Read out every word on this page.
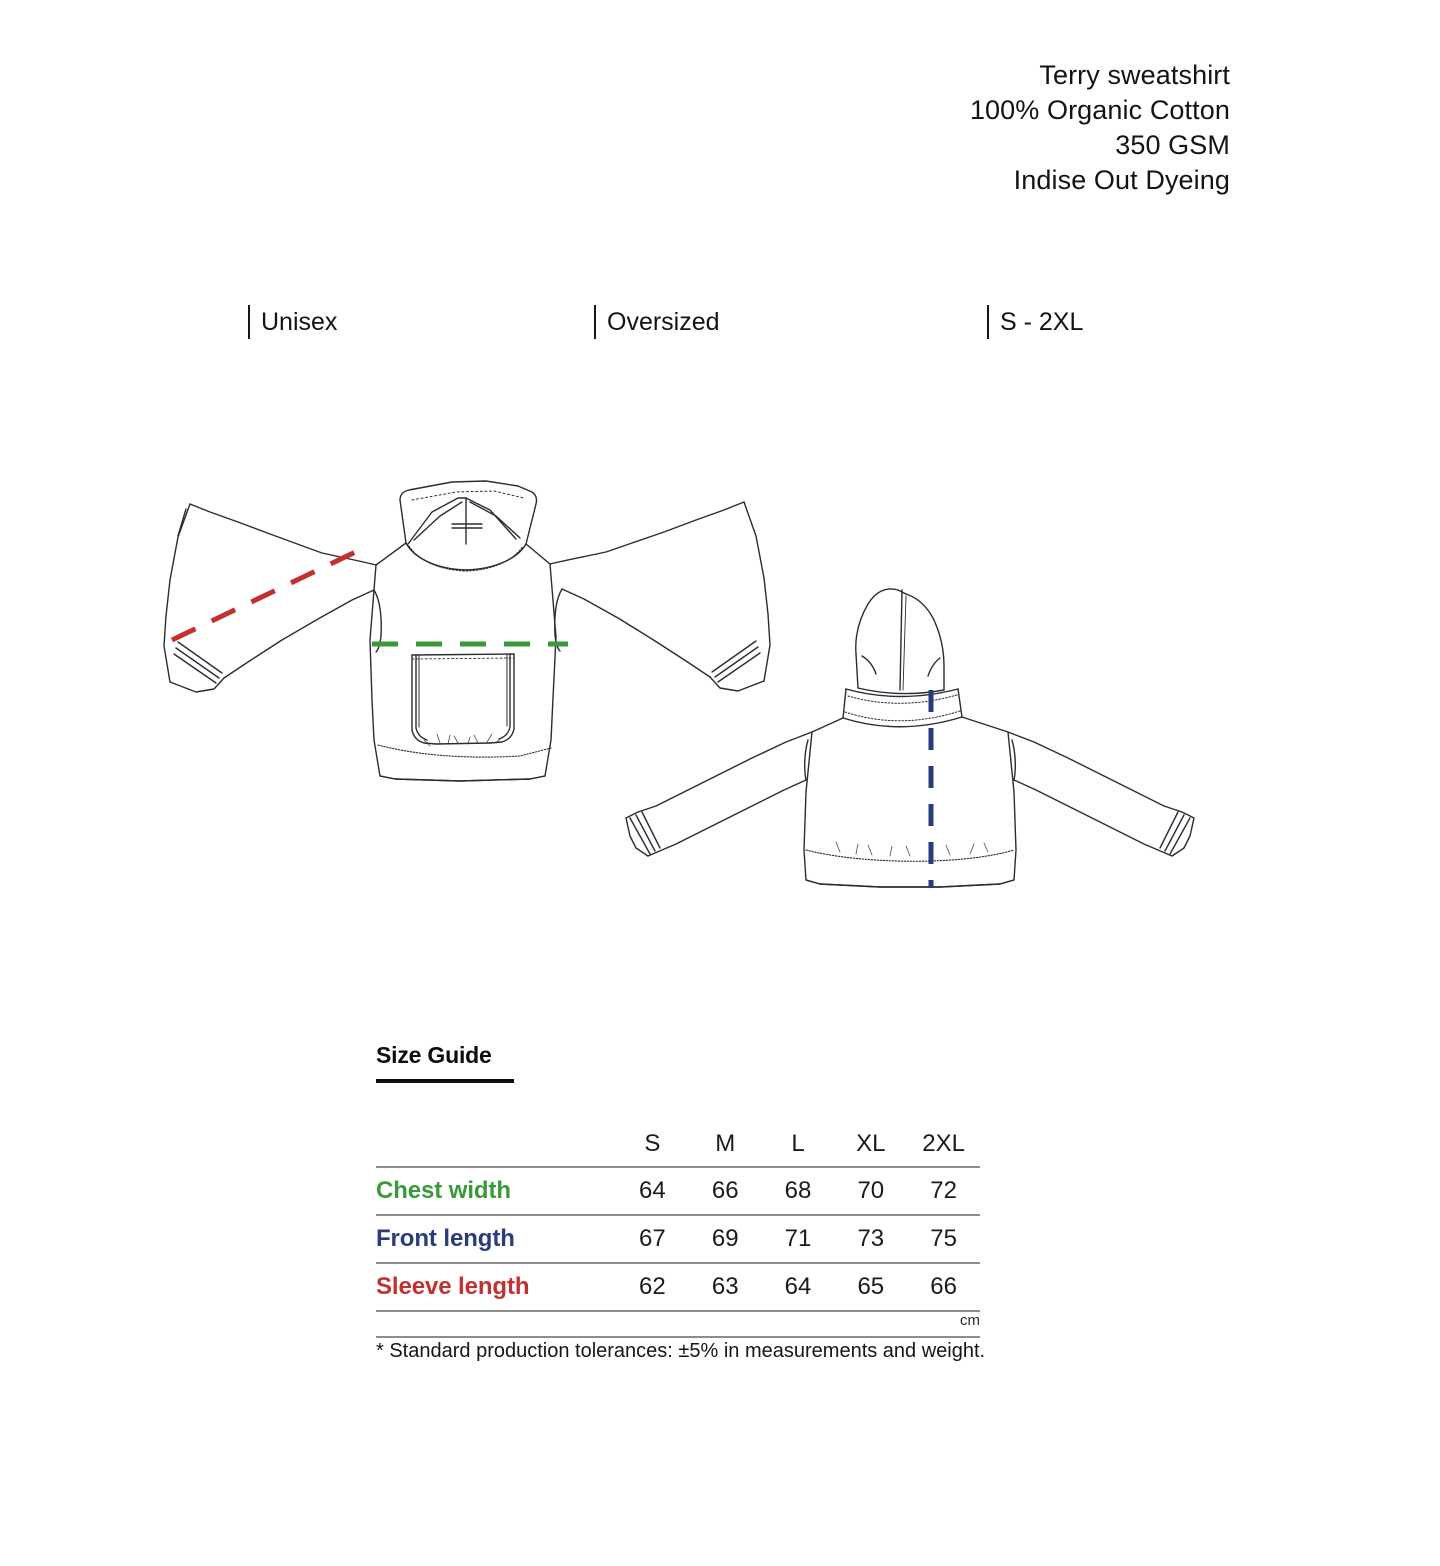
Terry sweatshirt
100% Organic Cotton
350 GSM
Indise Out Dyeing
Unisex	Oversized	S - 2XL
Size Guide
	S	M	L	XL	2XL
Chest width	64	66	68	70	72
Front length	67	69	71	73	75
Sleeve length	62	63	64	65	66
cm					
* Standard production tolerances: ±5% in measurements and weight.
